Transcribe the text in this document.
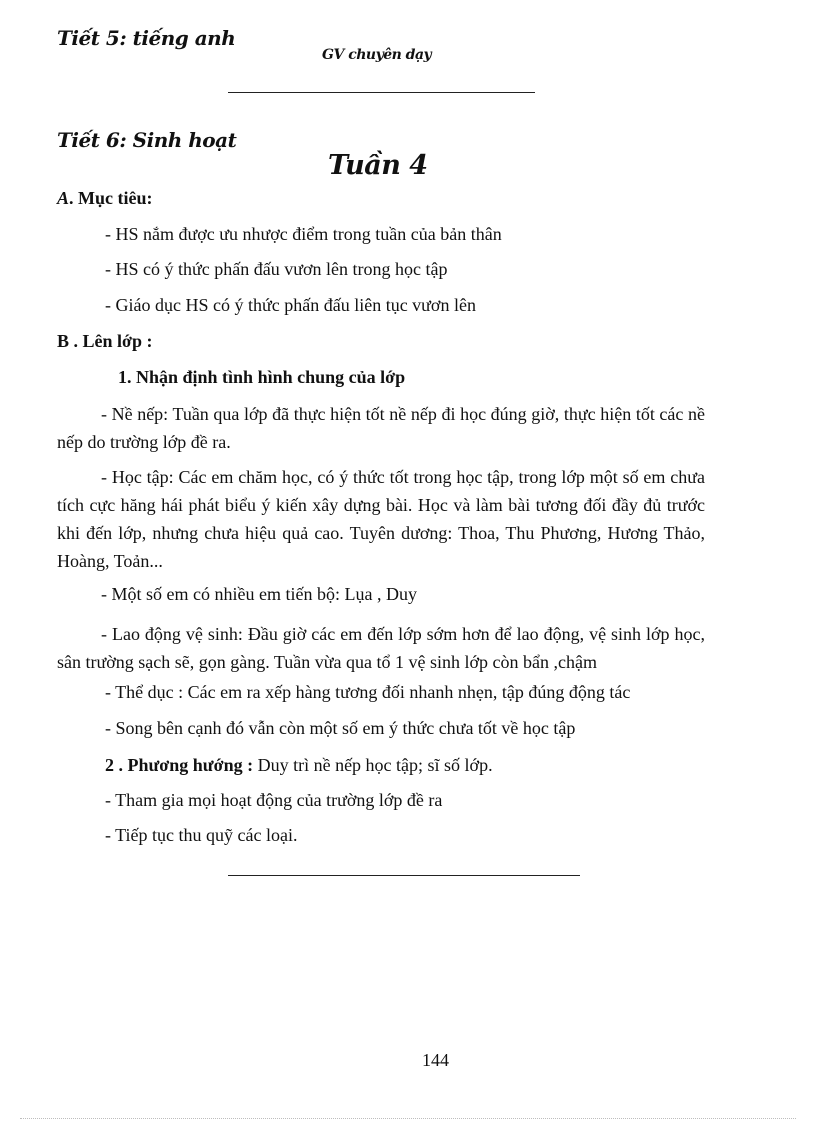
Tiết 5: tiếng anh
GV chuyên dạy
Tiết 6: Sinh hoạt
Tuần 4
A. Mục tiêu:
- HS nắm được ưu nhược điểm trong tuần của bản thân
- HS có ý thức phấn đấu vươn lên trong học tập
- Giáo dục HS có ý thức phấn đấu liên tục vươn lên
B . Lên lớp :
1. Nhận định tình hình chung của lớp
- Nề nếp: Tuần qua lớp đã thực hiện tốt nề nếp đi học đúng giờ, thực hiện tốt các nề nếp do trường lớp đề ra.
- Học tập: Các em chăm học, có ý thức tốt trong học tập, trong lớp một số em chưa tích cực hăng hái phát biểu ý kiến xây dựng bài. Học và làm bài tương đối đầy đủ trước khi đến lớp, nhưng chưa hiệu quả cao. Tuyên dương: Thoa, Thu Phương, Hương Thảo, Hoàng, Toản...
- Một số em có nhiều em tiến bộ: Lụa , Duy
- Lao động vệ sinh: Đầu giờ các em đến lớp sớm hơn để lao động, vệ sinh lớp học, sân trường sạch sẽ, gọn gàng. Tuần vừa qua tổ 1 vệ sinh lớp còn bẩn ,chậm
- Thể dục : Các em ra xếp hàng tương đối nhanh nhẹn, tập đúng động tác
- Song bên cạnh đó vẫn còn một số em ý thức chưa tốt về học tập
2 . Phương hướng : Duy trì nề nếp học tập; sĩ số lớp.
- Tham gia mọi hoạt động của trường lớp đề ra
- Tiếp tục thu quỹ các loại.
144
